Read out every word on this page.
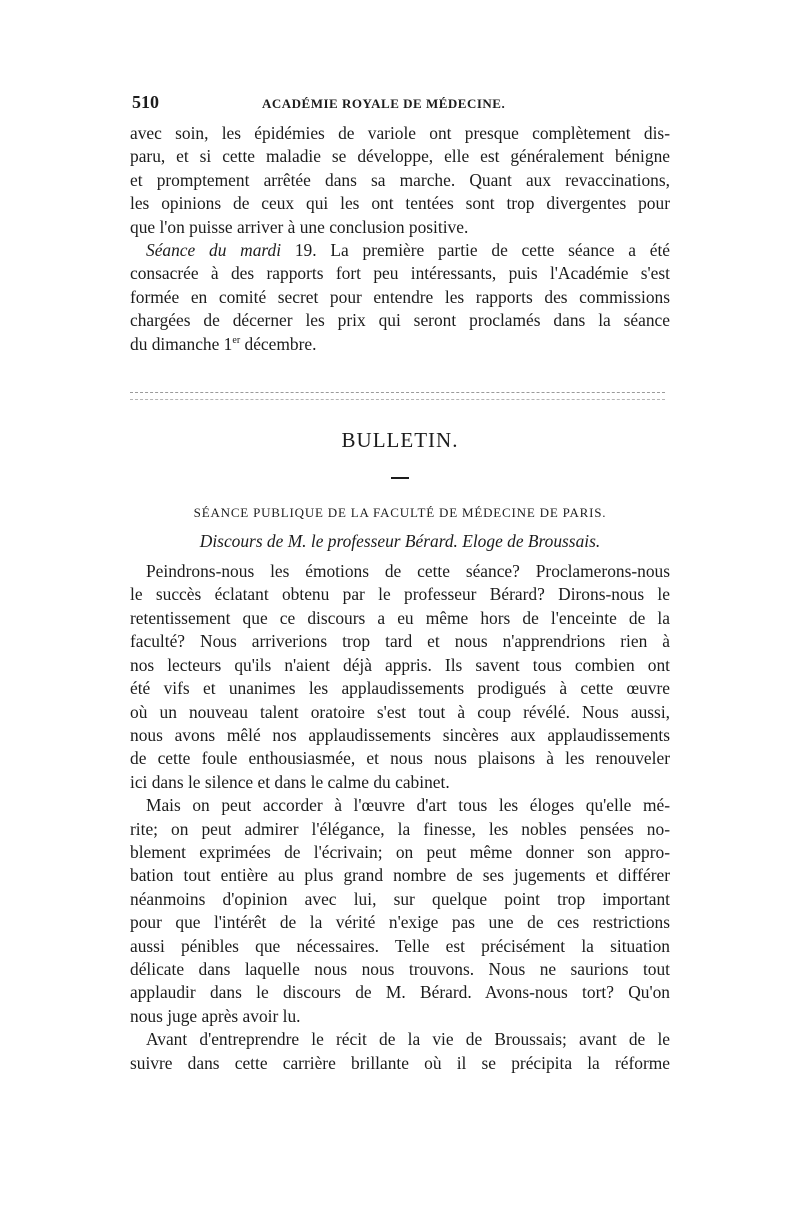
510	ACADÉMIE ROYALE DE MÉDECINE.
avec soin, les épidémies de variole ont presque complètement dis-
paru, et si cette maladie se développe, elle est généralement bénigne
et promptement arrêtée dans sa marche. Quant aux revaccinations,
les opinions de ceux qui les ont tentées sont trop divergentes pour
que l'on puisse arriver à une conclusion positive.
Séance du mardi 19. La première partie de cette séance a été
consacrée à des rapports fort peu intéressants, puis l'Académie s'est
formée en comité secret pour entendre les rapports des commissions
chargées de décerner les prix qui seront proclamés dans la séance
du dimanche 1er décembre.
BULLETIN.
SÉANCE PUBLIQUE DE LA FACULTÉ DE MÉDECINE DE PARIS.
Discours de M. le professeur Bérard. Eloge de Broussais.
Peindrons-nous les émotions de cette séance? Proclamerons-nous
le succès éclatant obtenu par le professeur Bérard? Dirons-nous le
retentissement que ce discours a eu même hors de l'enceinte de la
faculté? Nous arriverions trop tard et nous n'apprendrions rien à
nos lecteurs qu'ils n'aient déjà appris. Ils savent tous combien ont
été vifs et unanimes les applaudissements prodigués à cette œuvre
où un nouveau talent oratoire s'est tout à coup révélé. Nous aussi,
nous avons mêlé nos applaudissements sincères aux applaudissements
de cette foule enthousiasmée, et nous nous plaisons à les renouveler
ici dans le silence et dans le calme du cabinet.
Mais on peut accorder à l'œuvre d'art tous les éloges qu'elle mé-
rite; on peut admirer l'élégance, la finesse, les nobles pensées no-
blement exprimées de l'écrivain; on peut même donner son appro-
bation tout entière au plus grand nombre de ses jugements et différer
néanmoins d'opinion avec lui, sur quelque point trop important
pour que l'intérêt de la vérité n'exige pas une de ces restrictions
aussi pénibles que nécessaires. Telle est précisément la situation
délicate dans laquelle nous nous trouvons. Nous ne saurions tout
applaudir dans le discours de M. Bérard. Avons-nous tort? Qu'on
nous juge après avoir lu.
Avant d'entreprendre le récit de la vie de Broussais; avant de le
suivre dans cette carrière brillante où il se précipita la réforme
